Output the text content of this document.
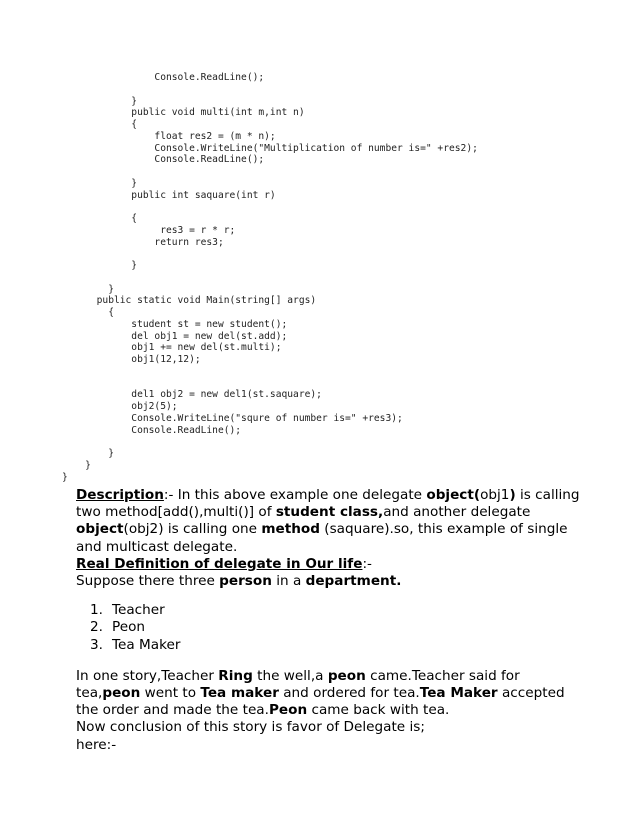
Console.ReadLine();
}
public void multi(int m,int n)
{
float res2 = (m * n);
Console.WriteLine("Multiplication of number is=" +res2);
Console.ReadLine();
}
public int saquare(int r)
{
res3 = r * r;
return res3;
}
}
public static void Main(string[] args)
{
student st = new student();
del obj1 = new del(st.add);
obj1 += new del(st.multi);
obj1(12,12);
del1 obj2 = new del1(st.saquare);
obj2(5);
Console.WriteLine("squre of number is=" +res3);
Console.ReadLine();
}
}
}

Description:- In this above example one delegate object(obj1) is calling two method[add(),multi()] of student class,and another delegate object(obj2) is calling one method (saquare).so, this example of single and multicast delegate.

Real Definition of delegate in Our life:-

Suppose there three person in a department.

1. Teacher
2. Peon
3. Tea Maker

In one story,Teacher Ring the well,a peon came.Teacher said for tea,peon went to Tea maker and ordered for tea.Tea Maker accepted the order and made the tea.Peon came back with tea.

Now conclusion of this story is favor of Delegate is;

here:-
